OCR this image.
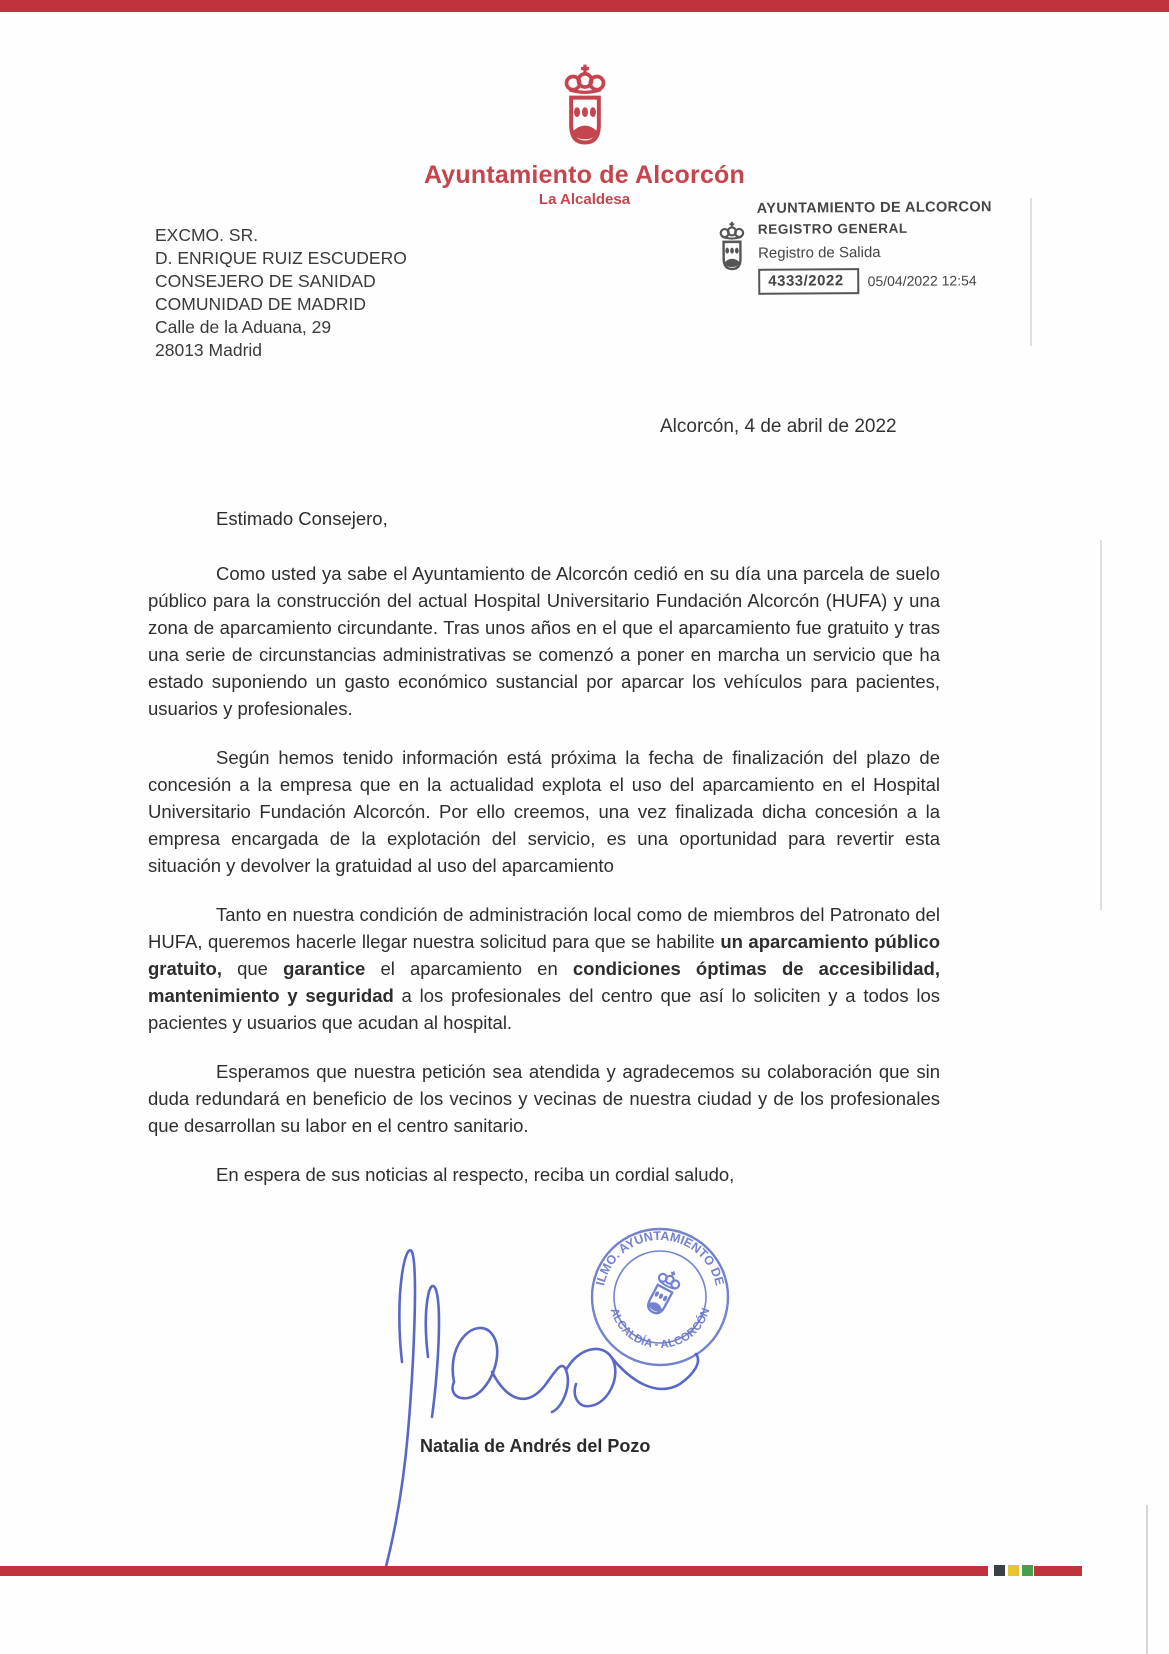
Ayuntamiento de Alcorcón
La Alcaldesa
EXCMO. SR.
D. ENRIQUE RUIZ ESCUDERO
CONSEJERO DE SANIDAD
COMUNIDAD DE MADRID
Calle de la Aduana, 29
28013 Madrid
AYUNTAMIENTO DE ALCORCON
REGISTRO GENERAL
Registro de Salida
4333/2022	05/04/2022 12:54
Alcorcón, 4 de abril de 2022
Estimado Consejero,

Como usted ya sabe el Ayuntamiento de Alcorcón cedió en su día una parcela de suelo público para la construcción del actual Hospital Universitario Fundación Alcorcón (HUFA) y una zona de aparcamiento circundante. Tras unos años en el que el aparcamiento fue gratuito y tras una serie de circunstancias administrativas se comenzó a poner en marcha un servicio que ha estado suponiendo un gasto económico sustancial por aparcar los vehículos para pacientes, usuarios y profesionales.

Según hemos tenido información está próxima la fecha de finalización del plazo de concesión a la empresa que en la actualidad explota el uso del aparcamiento en el Hospital Universitario Fundación Alcorcón. Por ello creemos, una vez finalizada dicha concesión a la empresa encargada de la explotación del servicio, es una oportunidad para revertir esta situación y devolver la gratuidad al uso del aparcamiento

Tanto en nuestra condición de administración local como de miembros del Patronato del HUFA, queremos hacerle llegar nuestra solicitud para que se habilite un aparcamiento público gratuito, que garantice el aparcamiento en condiciones óptimas de accesibilidad, mantenimiento y seguridad a los profesionales del centro que así lo soliciten y a todos los pacientes y usuarios que acudan al hospital.

Esperamos que nuestra petición sea atendida y agradecemos su colaboración que sin duda redundará en beneficio de los vecinos y vecinas de nuestra ciudad y de los profesionales que desarrollan su labor en el centro sanitario.

En espera de sus noticias al respecto, reciba un cordial saludo,
ILMO. AYUNTAMIENTO DE
ALCALDÍA - ALCORCÓN
Natalia de Andrés del Pozo
